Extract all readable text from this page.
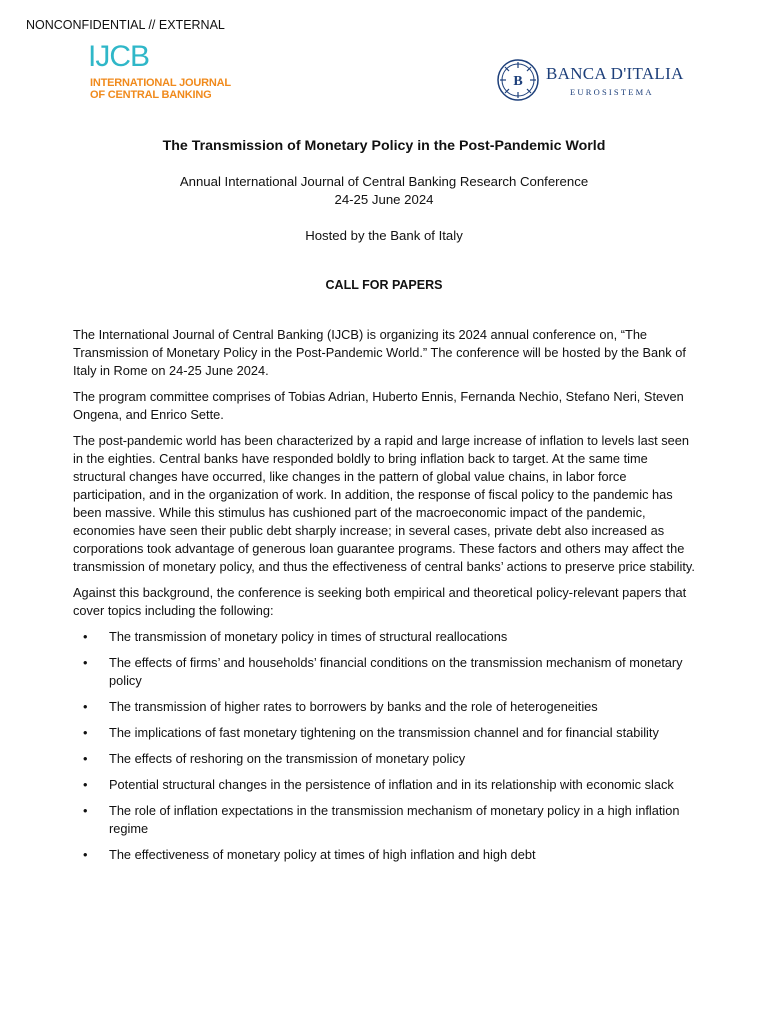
NONCONFIDENTIAL // EXTERNAL
IJCB
INTERNATIONAL JOURNAL
OF CENTRAL BANKING
B BANCA D'ITALIA
EUROSISTEMA
The Transmission of Monetary Policy in the Post-Pandemic World
Annual International Journal of Central Banking Research Conference
24-25 June 2024
Hosted by the Bank of Italy
CALL FOR PAPERS

The International Journal of Central Banking (IJCB) is organizing its 2024 annual conference on, “The Transmission of Monetary Policy in the Post-Pandemic World.” The conference will be hosted by the Bank of Italy in Rome on 24-25 June 2024.

The program committee comprises of Tobias Adrian, Huberto Ennis, Fernanda Nechio, Stefano Neri, Steven Ongena, and Enrico Sette.

The post-pandemic world has been characterized by a rapid and large increase of inflation to levels last seen in the eighties. Central banks have responded boldly to bring inflation back to target. At the same time structural changes have occurred, like changes in the pattern of global value chains, in labor force participation, and in the organization of work. In addition, the response of fiscal policy to the pandemic has been massive. While this stimulus has cushioned part of the macroeconomic impact of the pandemic, economies have seen their public debt sharply increase; in several cases, private debt also increased as corporations took advantage of generous loan guarantee programs. These factors and others may affect the transmission of monetary policy, and thus the effectiveness of central banks’ actions to preserve price stability.

Against this background, the conference is seeking both empirical and theoretical policy-relevant papers that cover topics including the following:

• The transmission of monetary policy in times of structural reallocations
• The effects of firms’ and households’ financial conditions on the transmission mechanism of monetary policy
• The transmission of higher rates to borrowers by banks and the role of heterogeneities
• The implications of fast monetary tightening on the transmission channel and for financial stability
• The effects of reshoring on the transmission of monetary policy
• Potential structural changes in the persistence of inflation and in its relationship with economic slack
• The role of inflation expectations in the transmission mechanism of monetary policy in a high inflation regime
• The effectiveness of monetary policy at times of high inflation and high debt
